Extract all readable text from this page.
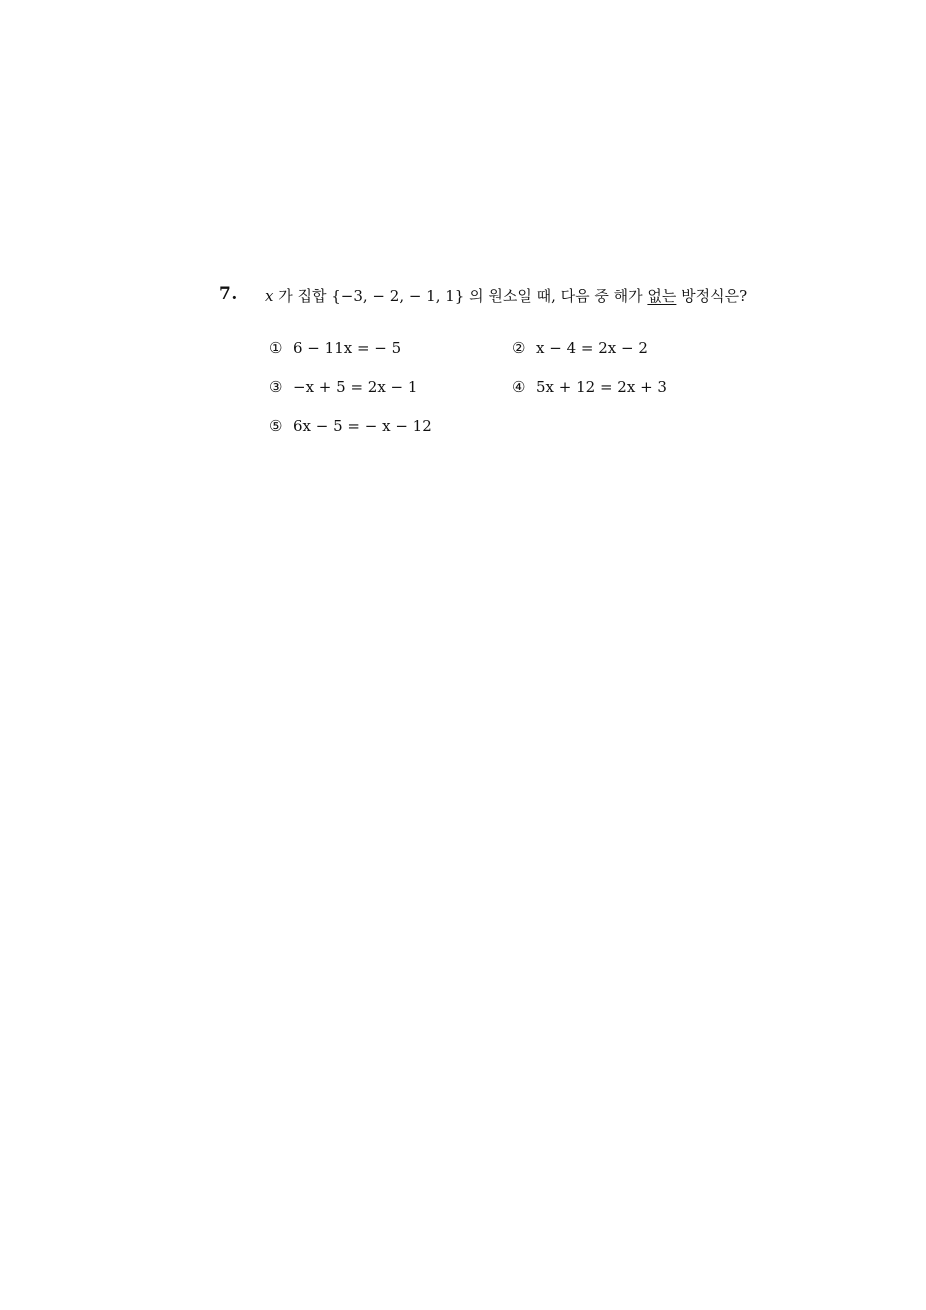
7. x 가 집합 {−3, − 2, − 1, 1} 의 원소일 때, 다음 중 해가 없는 방정식은?
① 6 − 11x = − 5	② x − 4 = 2x − 2
③ −x + 5 = 2x − 1	④ 5x + 12 = 2x + 3
⑤ 6x − 5 = − x − 12
